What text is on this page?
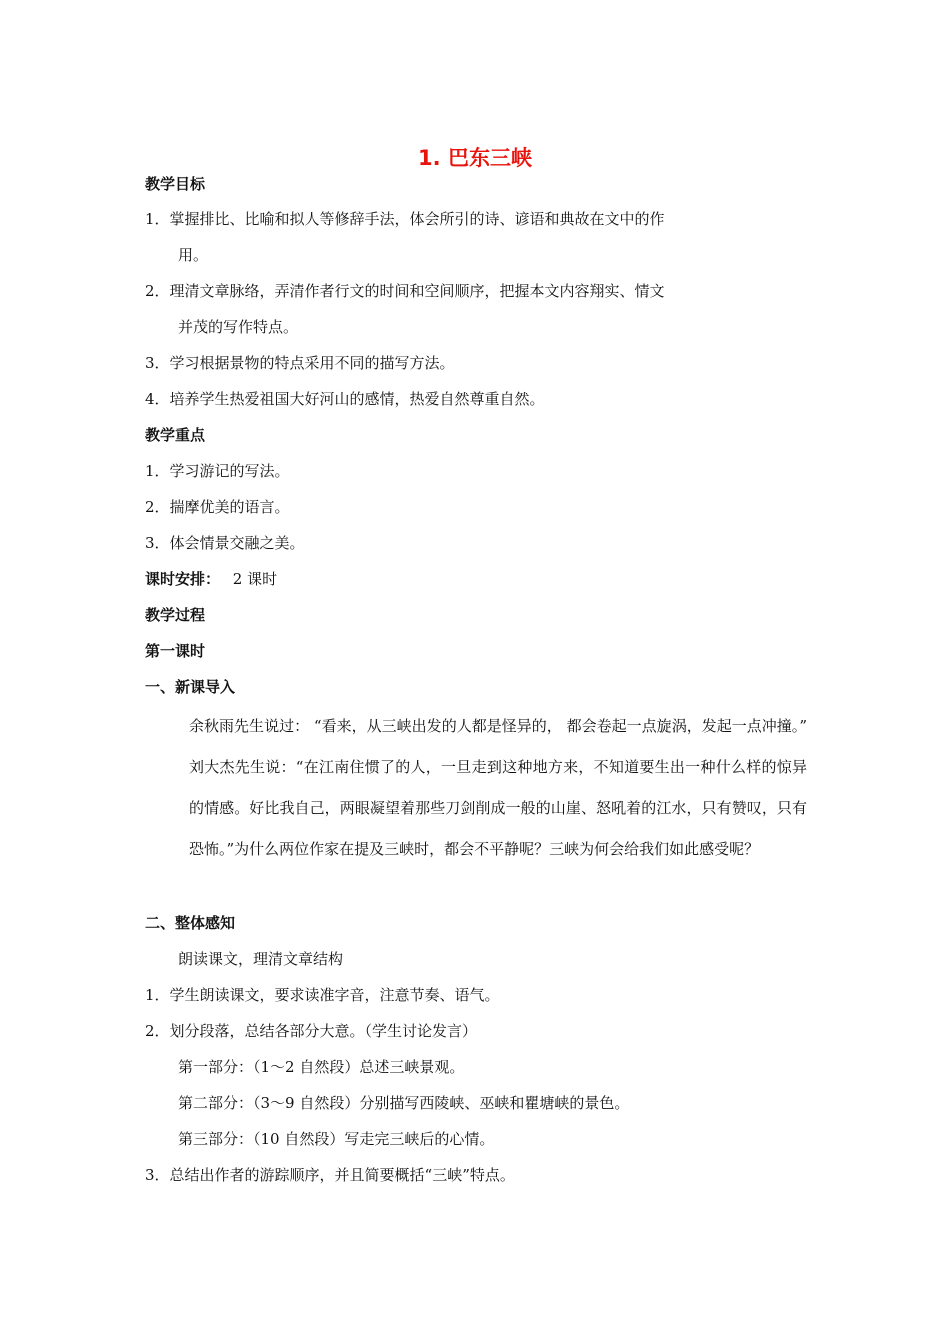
1. 巴东三峡
教学目标
1．掌握排比、比喻和拟人等修辞手法，体会所引的诗、谚语和典故在文中的作
用。
2．理清文章脉络，弄清作者行文的时间和空间顺序，把握本文内容翔实、情文
并茂的写作特点。
3．学习根据景物的特点采用不同的描写方法。
4．培养学生热爱祖国大好河山的感情，热爱自然尊重自然。
教学重点
1．学习游记的写法。
2．揣摩优美的语言。
3．体会情景交融之美。
课时安排： 2 课时
教学过程
第一课时
一、新课导入
余秋雨先生说过： “看来，从三峡出发的人都是怪异的， 都会卷起一点旋涡，发起一点冲撞。” 刘大杰先生说：“在江南住惯了的人，一旦走到这种地方来，不知道要生出一种什么样的惊异的情感。好比我自己，两眼凝望着那些刀剑削成一般的山崖、怒吼着的江水，只有赞叹，只有恐怖。”为什么两位作家在提及三峡时，都会不平静呢？三峡为何会给我们如此感受呢？
二、整体感知
朗读课文，理清文章结构
1．学生朗读课文，要求读准字音，注意节奏、语气。
2．划分段落，总结各部分大意。（学生讨论发言）
第一部分：（1～2 自然段）总述三峡景观。
第二部分：（3～9 自然段）分别描写西陵峡、巫峡和瞿塘峡的景色。
第三部分：（10 自然段）写走完三峡后的心情。
3．总结出作者的游踪顺序，并且简要概括“三峡”特点。
